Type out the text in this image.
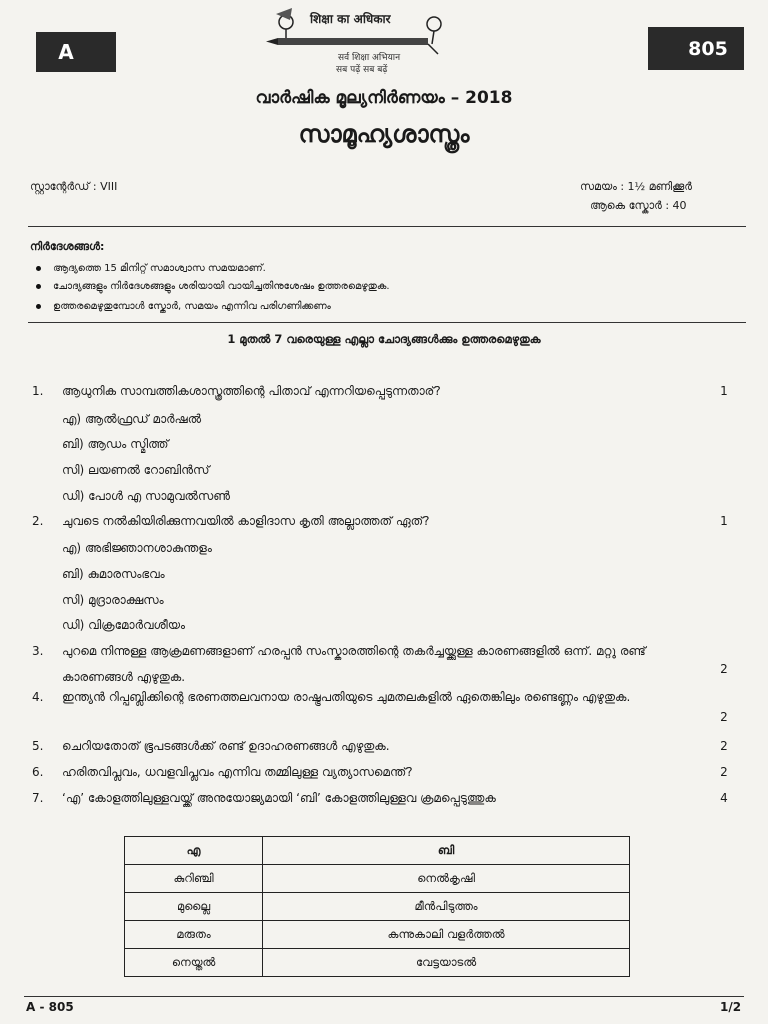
A	805
शिक्षा का अधिकार
सर्व शिक्षा अभियान
सब पढ़ें सब बढ़ें
വാർഷിക മൂല്യനിർണയം – 2018
സാമൂഹ്യശാസ്ത്രം
സ്റ്റാന്റേർഡ് : VIII	സമയം : 1½ മണിക്കൂർ
ആകെ സ്കോർ : 40
നിർദേശങ്ങൾ:
ആദ്യത്തെ 15 മിനിറ്റ് സമാശ്വാസ സമയമാണ്.
ചോദ്യങ്ങളും നിർദേശങ്ങളും ശരിയായി വായിച്ചതിനുശേഷം ഉത്തരമെഴുതുക.
ഉത്തരമെഴുതുമ്പോൾ സ്കോർ, സമയം എന്നിവ പരിഗണിക്കണം
1 മുതൽ 7 വരെയുള്ള എല്ലാ ചോദ്യങ്ങൾക്കും ഉത്തരമെഴുതുക
1.	ആധുനിക സാമ്പത്തികശാസ്ത്രത്തിന്റെ പിതാവ് എന്നറിയപ്പെടുന്നതാര്?	1
എ) ആൽഫ്രഡ് മാർഷൽ
ബി) ആഡം സ്മിത്ത്
സി) ലയണൽ റോബിൻസ്
ഡി) പോൾ എ സാമുവൽസൺ
2.	ചുവടെ നൽകിയിരിക്കുന്നവയിൽ കാളിദാസ കൃതി അല്ലാത്തത് ഏത്?	1
എ) അഭിജ്ഞാനശാകുന്തളം
ബി) കുമാരസംഭവം
സി) മുദ്രാരാക്ഷസം
ഡി) വിക്രമോർവശീയം
3.	പുറമെ നിന്നുള്ള ആക്രമണങ്ങളാണ് ഹരപ്പൻ സംസ്കാരത്തിന്റെ തകർച്ചയ്ക്കുള്ള കാരണങ്ങളിൽ ഒന്ന്. മറ്റു രണ്ട് കാരണങ്ങൾ എഴുതുക.
2
4.	ഇന്ത്യൻ റിപ്പബ്ലിക്കിന്റെ ഭരണത്തലവനായ രാഷ്ട്രപതിയുടെ ചുമതലകളിൽ ഏതെങ്കിലും രണ്ടെണ്ണം എഴുതുക.
2
5.	ചെറിയതോത് ഭൂപടങ്ങൾക്ക് രണ്ട് ഉദാഹരണങ്ങൾ എഴുതുക.	2
6.	ഹരിതവിപ്ലവം, ധവളവിപ്ലവം എന്നിവ തമ്മിലുള്ള വ്യത്യാസമെന്ത്?	2
7.	‘എ’ കോളത്തിലുള്ളവയ്ക്ക് അനുയോജ്യമായി ‘ബി’ കോളത്തിലുള്ളവ ക്രമപ്പെടുത്തുക	4
എ	ബി
കുറിഞ്ചി	നെൽകൃഷി
മുല്ലൈ	മീൻപിടുത്തം
മരുതം	കന്നുകാലി വളർത്തൽ
നെയ്തൽ	വേട്ടയാടൽ
A - 805	1/2
